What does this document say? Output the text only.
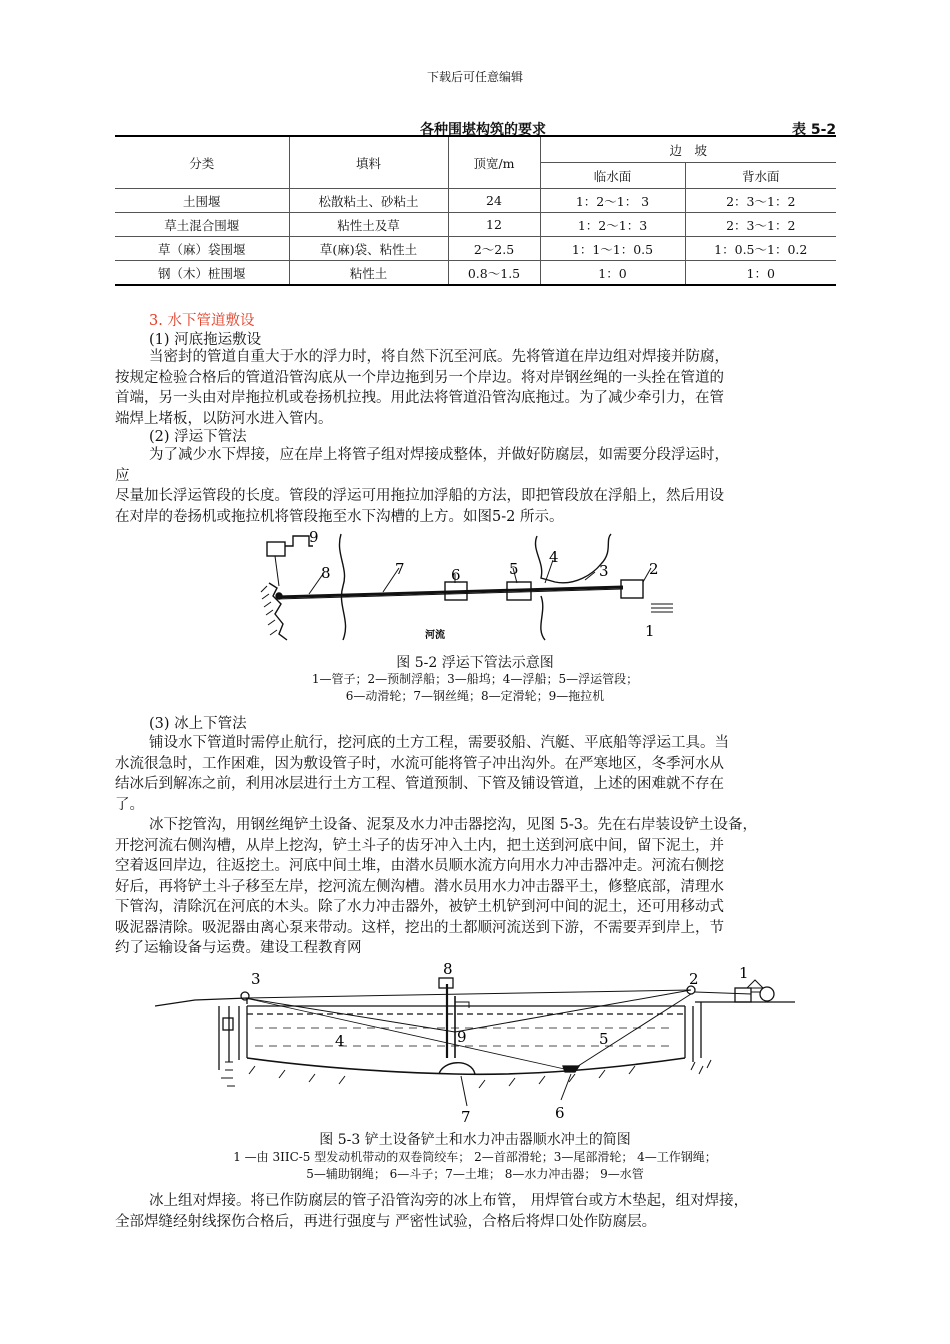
下载后可任意编辑
各种围堪构筑的要求	表 5-2
分类	填料	顶宽/m	边　坡	
			临水面	背水面
土围堰	松散粘土、砂粘土	24	1：2～1： 3	2：3～1：2
草土混合围堰	粘性土及草	12	1：2～1：3	2：3～1：2
草（麻）袋围堰	草(麻)袋、粘性土	2～2.5	1：1～1：0.5	1：0.5～1：0.2
钢（木）桩围堰	粘性土	0.8～1.5	1：0	1：0
3. 水下管道敷设
(1) 河底拖运敷设
当密封的管道自重大于水的浮力时，将自然下沉至河底。先将管道在岸边组对焊接并防腐，
按规定检验合格后的管道沿管沟底从一个岸边拖到另一个岸边。将对岸钢丝绳的一头拴在管道的
首端，另一头由对岸拖拉机或卷扬机拉拽。用此法将管道沿管沟底拖过。为了减少牵引力，在管
端焊上堵板，以防河水进入管内。
(2) 浮运下管法
为了减少水下焊接，应在岸上将管子组对焊接成整体，并做好防腐层，如需要分段浮运时，
应
尽量加长浮运管段的长度。管段的浮运可用拖拉加浮船的方法，即把管段放在浮船上，然后用设
在对岸的卷扬机或拖拉机将管段拖至水下沟槽的上方。如图5-2 所示。
9
8	7	6	5
4
3	2
1
河流
图 5-2 浮运下管法示意图
1—管子；2—预制浮船；3—船坞；4—浮船；5—浮运管段；
6—动滑轮；7—钢丝绳；8—定滑轮；9—拖拉机
(3) 冰上下管法
铺设水下管道时需停止航行，挖河底的土方工程，需要驳船、汽艇、平底船等浮运工具。当
水流很急时，工作困难，因为敷设管子时，水流可能将管子冲出沟外。在严寒地区，冬季河水从
结冰后到解冻之前，利用冰层进行土方工程、管道预制、下管及铺设管道，上述的困难就不存在
了。
冰下挖管沟，用钢丝绳铲土设备、泥泵及水力冲击器挖沟，见图 5-3。先在右岸装设铲土设备，
开挖河流右侧沟槽，从岸上挖沟，铲土斗子的齿牙冲入土内，把土送到河底中间，留下泥土，并
空着返回岸边，往返挖土。河底中间土堆，由潜水员顺水流方向用水力冲击器冲走。河流右侧挖
好后，再将铲土斗子移至左岸，挖河流左侧沟槽。潜水员用水力冲击器平土，修整底部，清理水
下管沟，清除沉在河底的木头。除了水力冲击器外，被铲土机铲到河中间的泥土，还可用移动式
吸泥器清除。吸泥器由离心泵来带动。这样，挖出的土都顺河流送到下游，不需要弄到岸上，节
约了运输设备与运费。建设工程教育网
3	2	1
8
9
4	5
7	6
图 5-3 铲土设备铲土和水力冲击器顺水冲土的简图
1 —由 3IIC-5 型发动机带动的双卷筒绞车； 2—首部滑轮；3—尾部滑轮； 4—工作钢绳；
5—辅助钢绳； 6—斗子；7—土堆； 8—水力冲击器； 9—水管
冰上组对焊接。将已作防腐层的管子沿管沟旁的冰上布管， 用焊管台或方木垫起，组对焊接，
全部焊缝经射线探伤合格后，再进行强度与 严密性试验，合格后将焊口处作防腐层。
